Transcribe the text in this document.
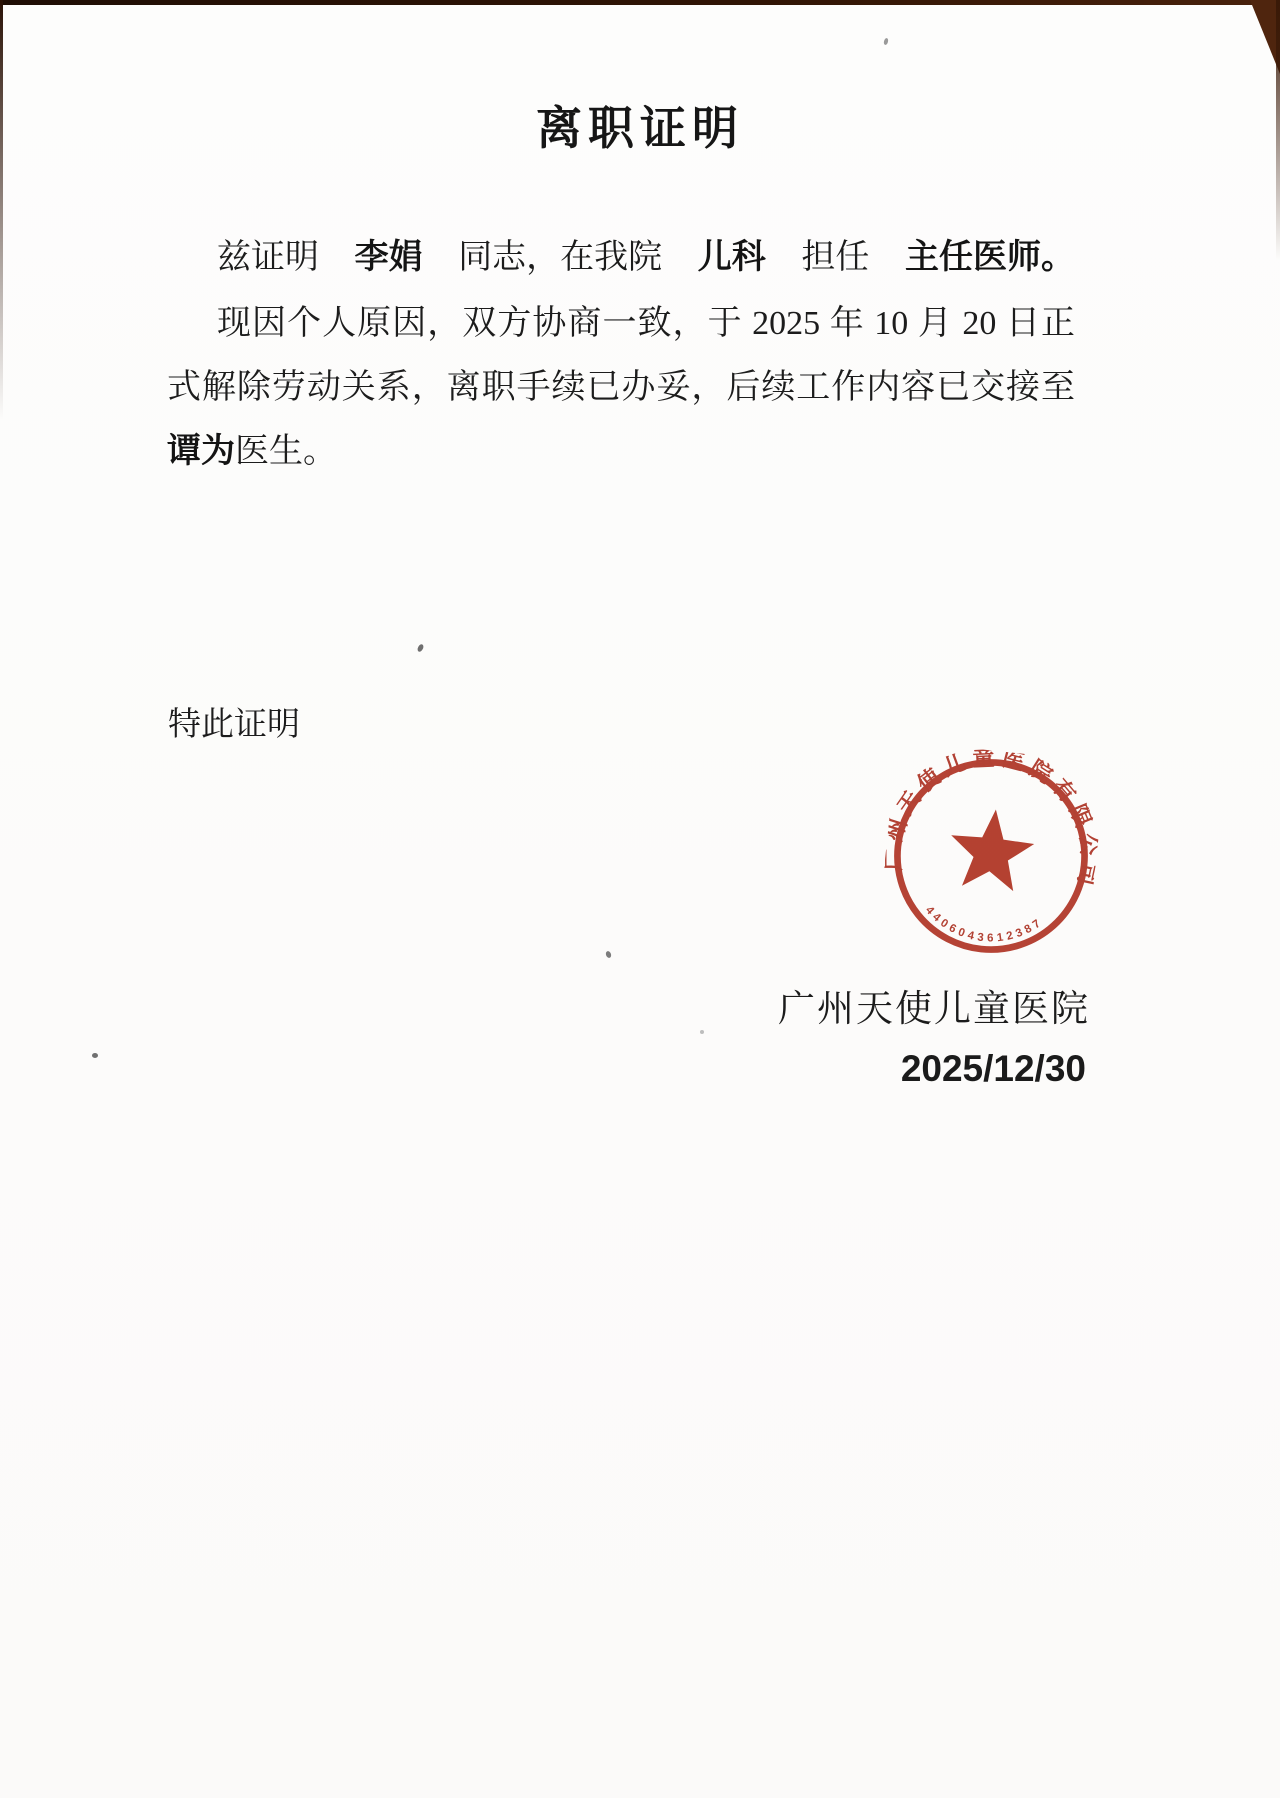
离职证明

兹证明 李娟 同志，在我院 儿科 担任 主任医师。

现因个人原因，双方协商一致，于 2025 年 10 月 20 日正

式解除劳动关系，离职手续已办妥，后续工作内容已交接至

谭为医生。

特此证明
广州天使儿童医院有限公司
4406043612387
广州天使儿童医院
2025/12/30
